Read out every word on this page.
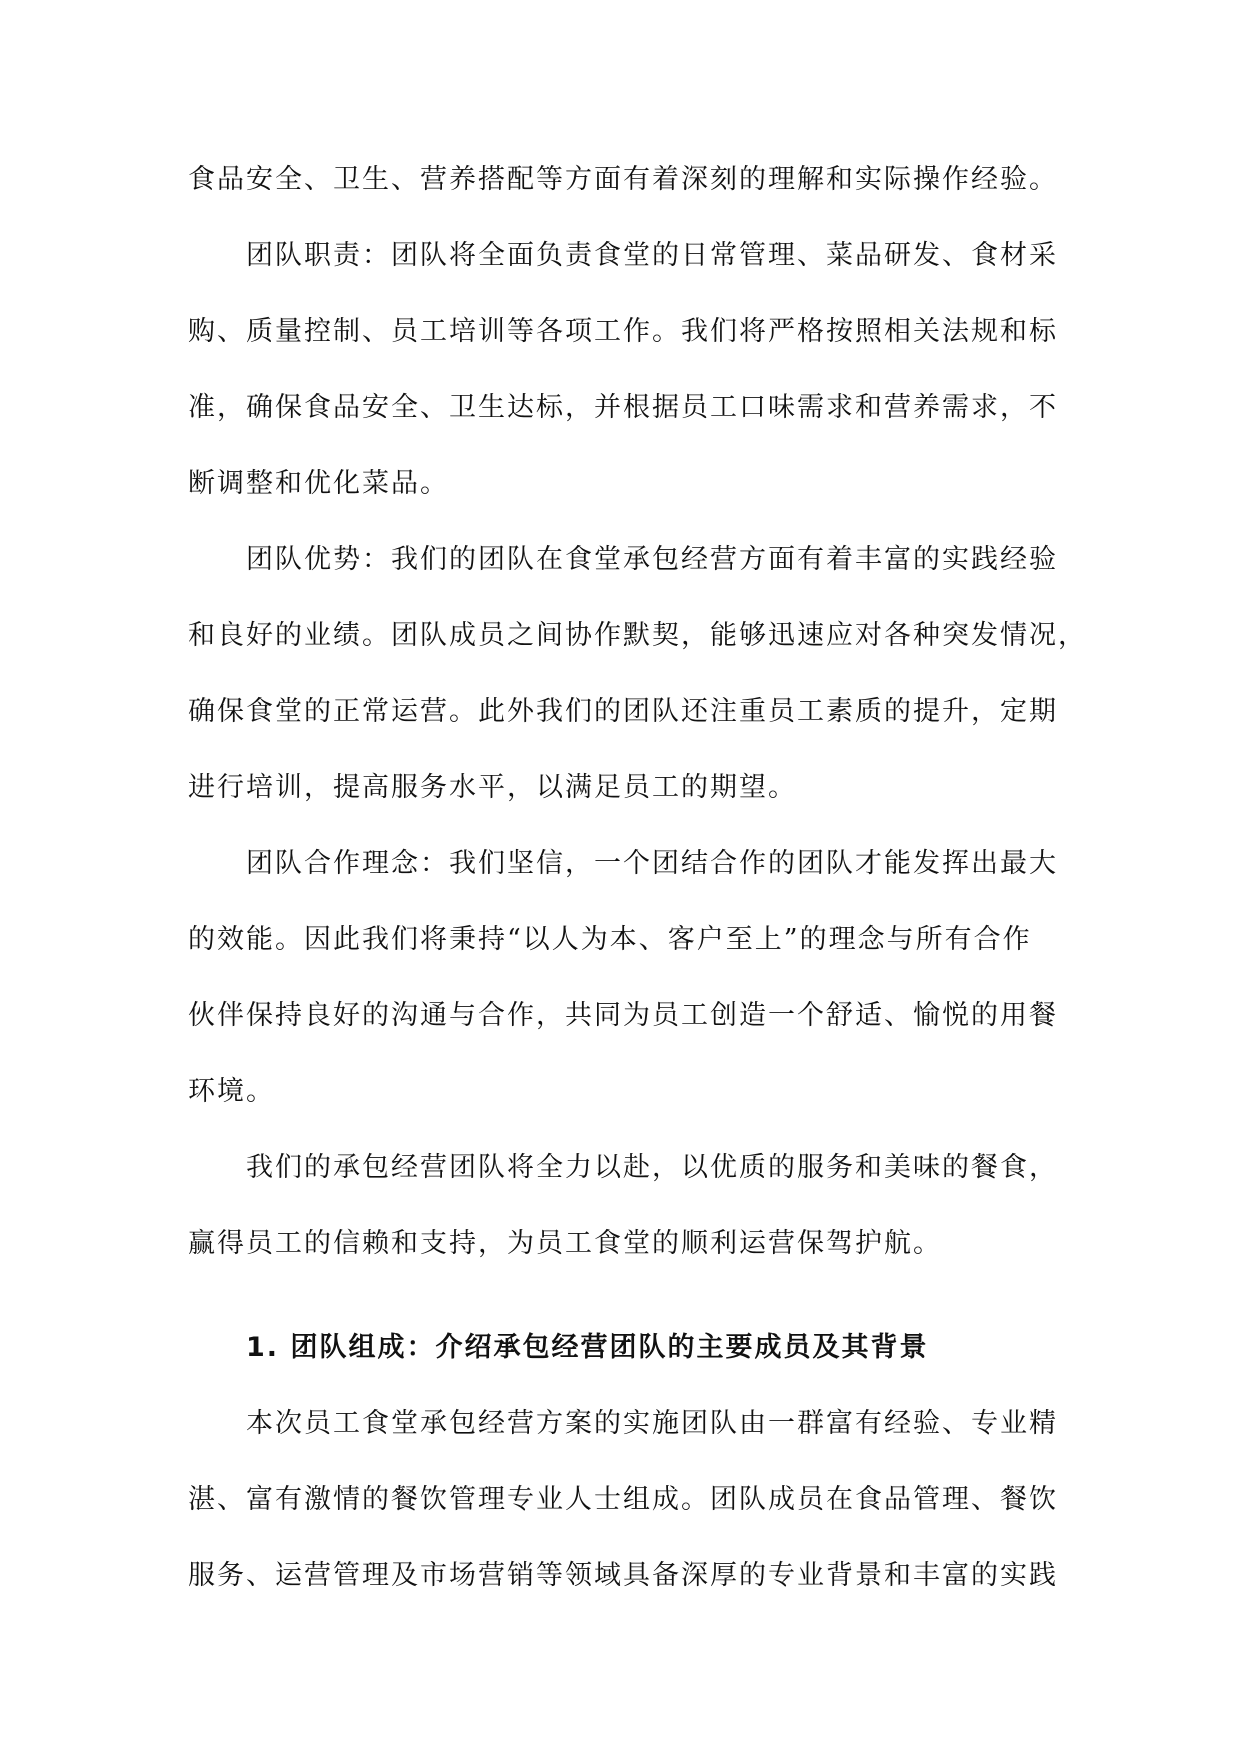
食品安全、卫生、营养搭配等方面有着深刻的理解和实际操作经验。
团队职责：团队将全面负责食堂的日常管理、菜品研发、食材采
购、质量控制、员工培训等各项工作。我们将严格按照相关法规和标
准，确保食品安全、卫生达标，并根据员工口味需求和营养需求，不
断调整和优化菜品。
团队优势：我们的团队在食堂承包经营方面有着丰富的实践经验
和良好的业绩。团队成员之间协作默契，能够迅速应对各种突发情况，
确保食堂的正常运营。此外我们的团队还注重员工素质的提升，定期
进行培训，提高服务水平，以满足员工的期望。
团队合作理念：我们坚信，一个团结合作的团队才能发挥出最大
的效能。因此我们将秉持“以人为本、客户至上”的理念与所有合作
伙伴保持良好的沟通与合作，共同为员工创造一个舒适、愉悦的用餐
环境。
我们的承包经营团队将全力以赴，以优质的服务和美味的餐食，
赢得员工的信赖和支持，为员工食堂的顺利运营保驾护航。
1. 团队组成：介绍承包经营团队的主要成员及其背景
本次员工食堂承包经营方案的实施团队由一群富有经验、专业精
湛、富有激情的餐饮管理专业人士组成。团队成员在食品管理、餐饮
服务、运营管理及市场营销等领域具备深厚的专业背景和丰富的实践
